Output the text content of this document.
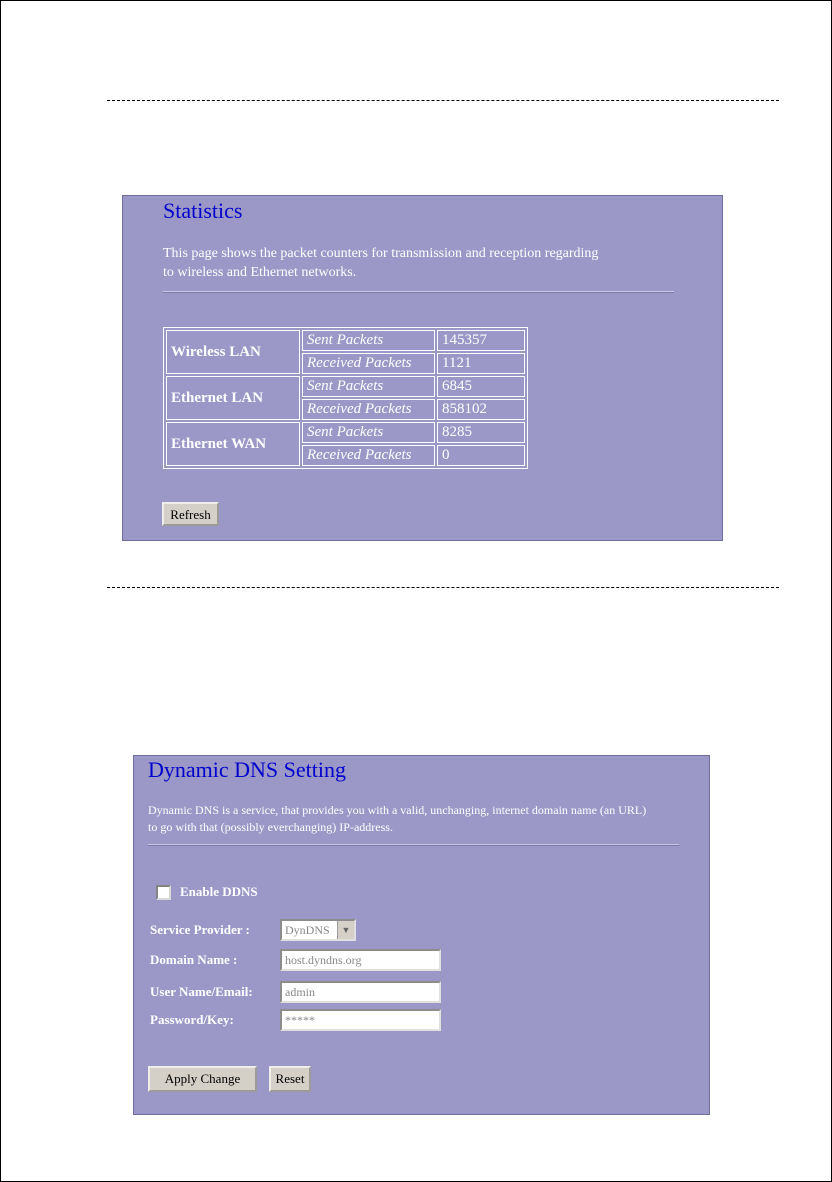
Statistics
This page shows the packet counters for transmission and reception regarding
to wireless and Ethernet networks.
Wireless LAN	Sent Packets	145357
	Received Packets	1121
Ethernet LAN	Sent Packets	6845
	Received Packets	858102
Ethernet WAN	Sent Packets	8285
	Received Packets	0
Refresh
Dynamic DNS Setting
Dynamic DNS is a service, that provides you with a valid, unchanging, internet domain name (an URL)
to go with that (possibly everchanging) IP-address.
Enable DDNS
Service Provider :	DynDNS	▼
Domain Name :	host.dyndns.org
User Name/Email:	admin
Password/Key:	*****
Apply Change	Reset
